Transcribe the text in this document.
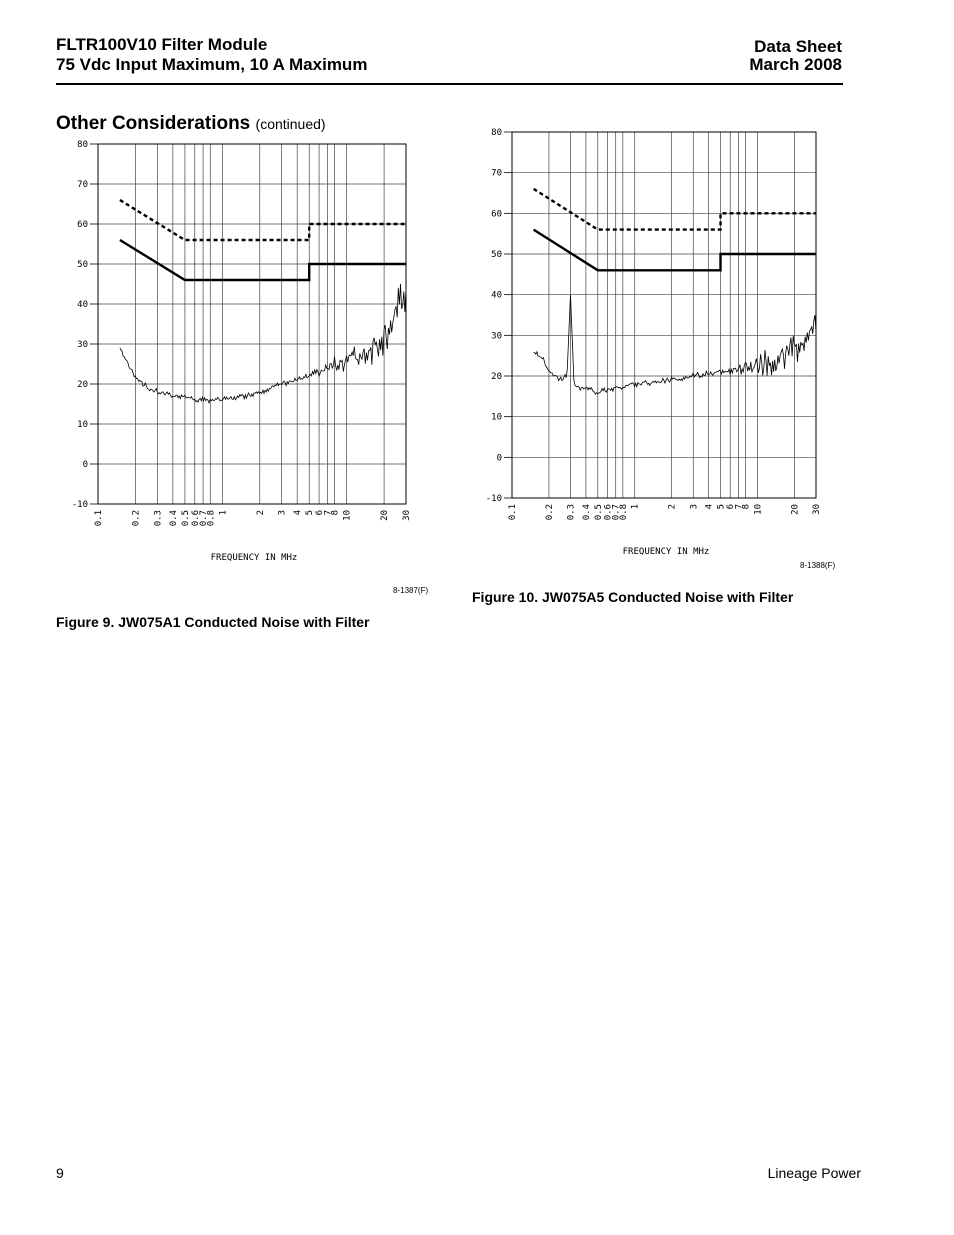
FLTR100V10 Filter Module
75 Vdc Input Maximum, 10 A Maximum
Data Sheet
March 2008
Other Considerations (continued)
80
70
60
50
40
30
20
10
0
-10
0.1	0.2 0.3 0.4 0.5 0.6
0.7
0.8 1	2 3 4 5 6
7
8 10	20 30
FREQUENCY IN MHz
8-1387(F)
Figure 9. JW075A1 Conducted Noise with Filter
80
70
60
50
40
30
20
10
0
-10
0.1	0.2 0.3 0.4 0.5 0.6
0.7
0.8 1	2 3 4 5 6
7
8 10	20 30
FREQUENCY IN MHz
8-1388(F)
Figure 10. JW075A5 Conducted Noise with Filter
9	Lineage Power
